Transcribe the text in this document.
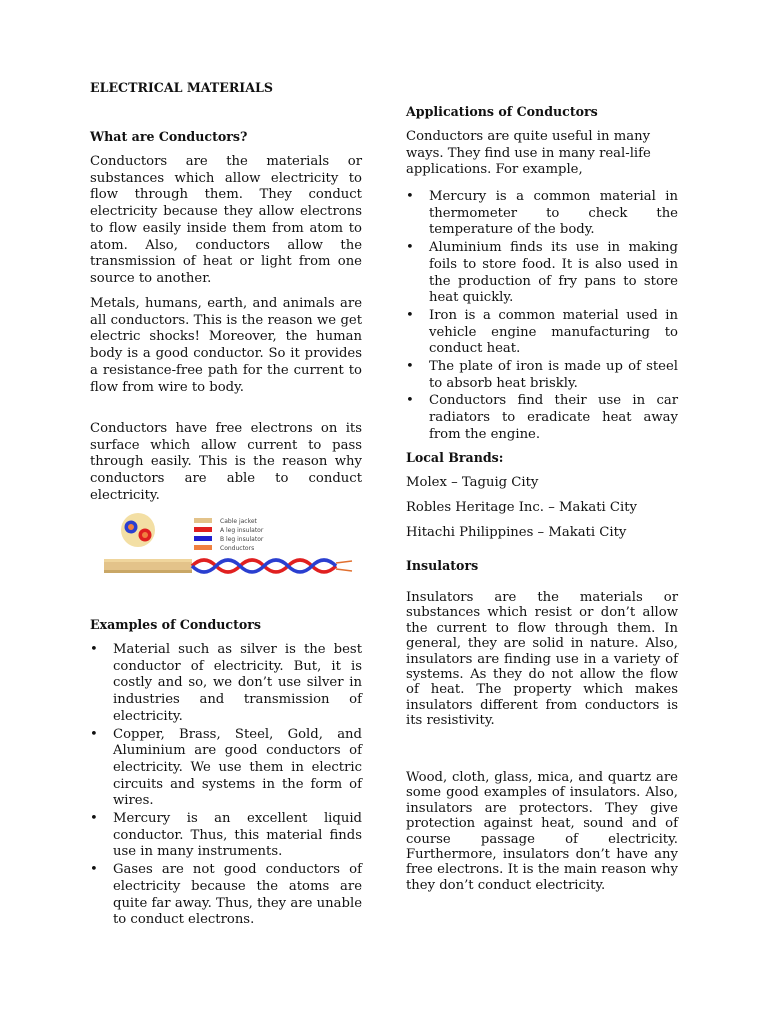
ELECTRICAL MATERIALS
What are Conductors?

Conductors are the materials or substances which allow electricity to flow through them. They conduct electricity because they allow electrons to flow easily inside them from atom to atom. Also, conductors allow the transmission of heat or light from one source to another.

Metals, humans, earth, and animals are all conductors. This is the reason we get electric shocks! Moreover, the human body is a good conductor. So it provides a resistance-free path for the current to flow from wire to body.

Conductors have free electrons on its surface which allow current to pass through easily. This is the reason why conductors are able to conduct electricity.

Cable jacket
A leg insulator
B leg insulator
Conductors
Examples of Conductors
• Material such as silver is the best conductor of electricity. But, it is costly and so, we don’t use silver in industries and transmission of electricity.
• Copper, Brass, Steel, Gold, and Aluminium are good conductors of electricity. We use them in electric circuits and systems in the form of wires.
• Mercury is an excellent liquid conductor. Thus, this material finds use in many instruments.
• Gases are not good conductors of electricity because the atoms are quite far away. Thus, they are unable to conduct electrons.
Applications of Conductors

Conductors are quite useful in many ways. They find use in many real-life applications. For example,

• Mercury is a common material in thermometer to check the temperature of the body.
• Aluminium finds its use in making foils to store food. It is also used in the production of fry pans to store heat quickly.
• Iron is a common material used in vehicle engine manufacturing to conduct heat.
• The plate of iron is made up of steel to absorb heat briskly.
• Conductors find their use in car radiators to eradicate heat away from the engine.
Local Brands:

Molex – Taguig City

Robles Heritage Inc. – Makati City

Hitachi Philippines – Makati City

Insulators

Insulators are the materials or substances which resist or don’t allow the current to flow through them. In general, they are solid in nature. Also, insulators are finding use in a variety of systems. As they do not allow the flow of heat. The property which makes insulators different from conductors is its resistivity.

Wood, cloth, glass, mica, and quartz are some good examples of insulators. Also, insulators are protectors. They give protection against heat, sound and of course passage of electricity. Furthermore, insulators don’t have any free electrons. It is the main reason why they don’t conduct electricity.
